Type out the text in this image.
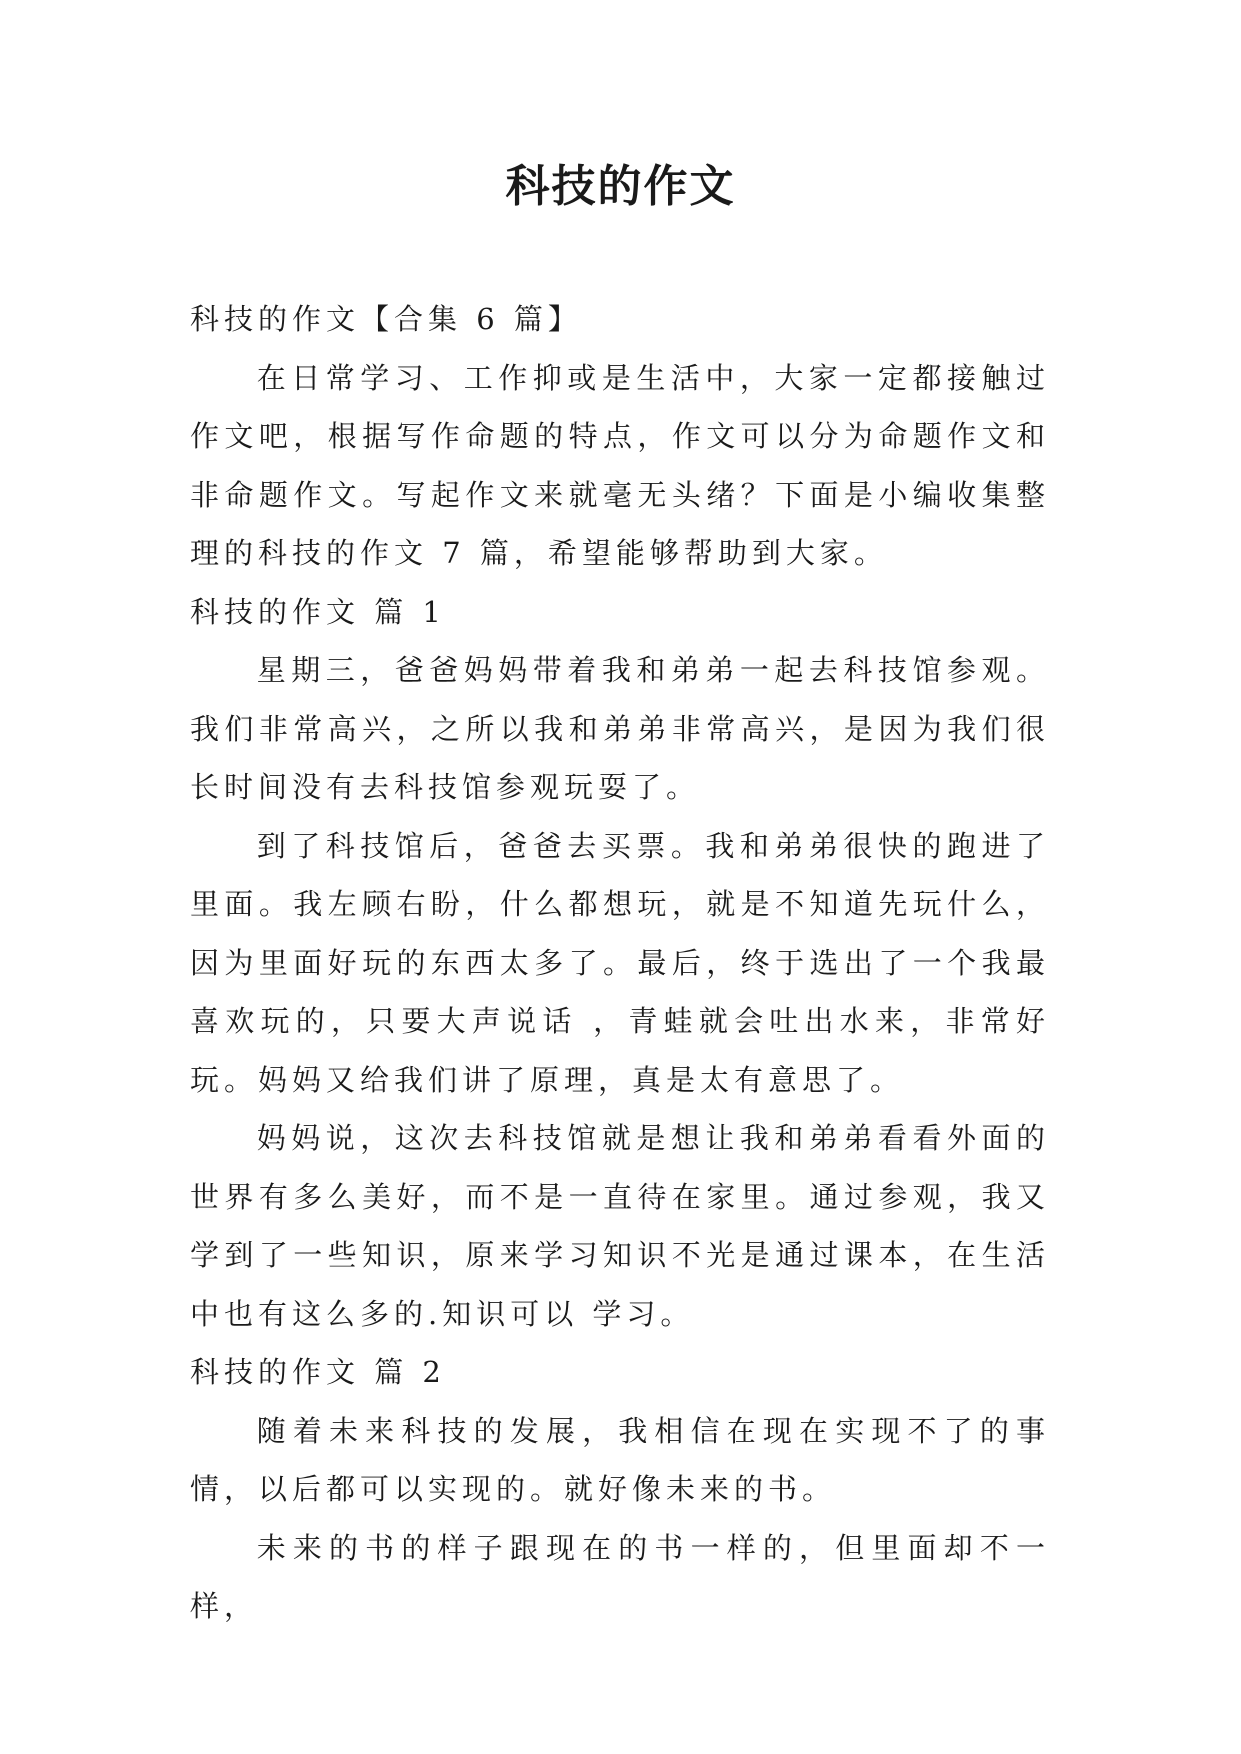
科技的作文

科技的作文【合集 6 篇】

在日常学习、工作抑或是生活中，大家一定都接触过作文吧，根据写作命题的特点，作文可以分为命题作文和非命题作文。写起作文来就毫无头绪？下面是小编收集整理的科技的作文 7 篇，希望能够帮助到大家。

科技的作文 篇 1

星期三，爸爸妈妈带着我和弟弟一起去科技馆参观。我们非常高兴，之所以我和弟弟非常高兴，是因为我们很长时间没有去科技馆参观玩耍了。

到了科技馆后，爸爸去买票。我和弟弟很快的跑进了里面。我左顾右盼，什么都想玩，就是不知道先玩什么，因为里面好玩的东西太多了。最后，终于选出了一个我最喜欢玩的，只要大声说话 ，青蛙就会吐出水来，非常好玩。妈妈又给我们讲了原理，真是太有意思了。

妈妈说，这次去科技馆就是想让我和弟弟看看外面的世界有多么美好，而不是一直待在家里。通过参观，我又学到了一些知识，原来学习知识不光是通过课本，在生活中也有这么多的.知识可以 学习。

科技的作文 篇 2

随着未来科技的发展，我相信在现在实现不了的事情，以后都可以实现的。就好像未来的书。

未来的书的样子跟现在的书一样的，但里面却不一样，
